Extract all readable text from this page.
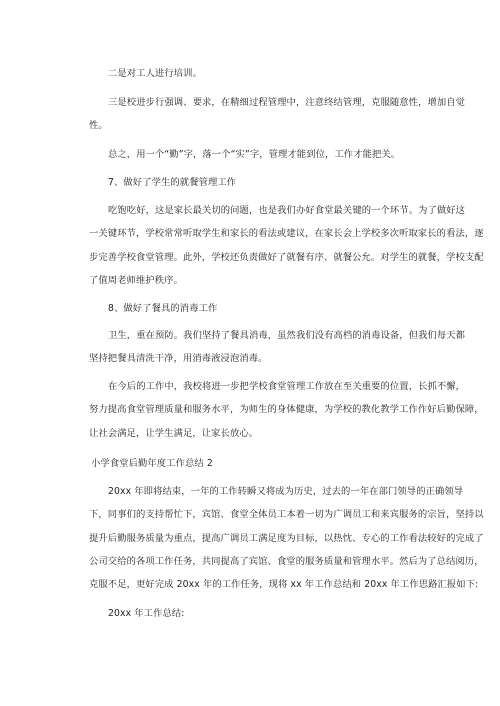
二是对工人进行培训。
三是校进步行强调、要求，在精细过程管理中，注意终结管理，克服随意性，增加自觉
性。
总之，用一个“勤”字，落一个“实”字，管理才能到位，工作才能把关。
7、做好了学生的就餐管理工作
吃饱吃好，这是家长最关切的问题，也是我们办好食堂最关键的一个环节。为了做好这
一关键环节，学校常常听取学生和家长的看法或建议，在家长会上学校多次听取家长的看法，逐
步完善学校食堂管理。此外，学校还负责做好了就餐有序、就餐公允。对学生的就餐，学校支配
了值周老师维护秩序。
8、做好了餐具的消毒工作
卫生，重在预防。我们坚持了餐具消毒，虽然我们没有高档的消毒设备，但我们每天都
坚持把餐具清洗干净，用消毒液浸泡消毒。
在今后的工作中，我校将进一步把学校食堂管理工作放在至关重要的位置，长抓不懈，
努力提高食堂管理质量和服务水平，为师生的身体健康，为学校的教化教学工作作好后勤保障，
让社会满足，让学生满足，让家长放心。
小学食堂后勤年度工作总结 2
20xx 年即将结束，一年的工作转瞬又将成为历史，过去的一年在部门领导的正确领导
下，同事们的支持帮忙下，宾馆、食堂全体员工本着一切为广调员工和来宾服务的宗旨，坚持以
提升后勤服务质量为重点，提高广调员工满足度为目标，以热忱、专心的工作看法较好的完成了
公司交给的各项工作任务，共同提高了宾馆、食堂的服务质量和管理水平。然后为了总结阅历，
克服不足，更好完成 20xx 年的工作任务，现将 xx 年工作总结和 20xx 年工作思路汇报如下:
20xx 年工作总结:
